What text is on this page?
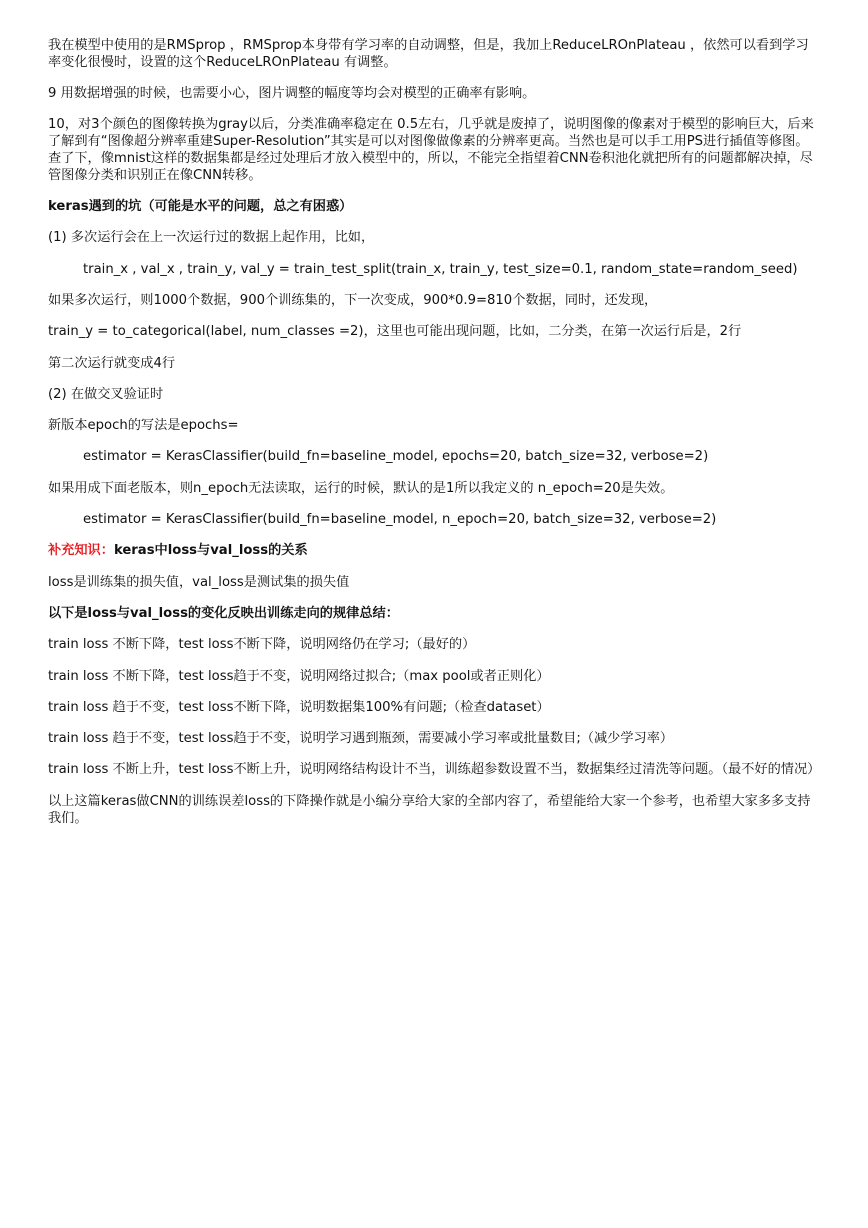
我在模型中使用的是RMSprop ，RMSprop本身带有学习率的自动调整，但是，我加上ReduceLROnPlateau ，依然可以看到学习率变化很慢时，设置的这个ReduceLROnPlateau 有调整。

9 用数据增强的时候，也需要小心，图片调整的幅度等均会对模型的正确率有影响。

10，对3个颜色的图像转换为gray以后，分类准确率稳定在 0.5左右，几乎就是废掉了，说明图像的像素对于模型的影响巨大，后来了解到有“图像超分辨率重建Super-Resolution”其实是可以对图像做像素的分辨率更高。当然也是可以手工用PS进行插值等修图。查了下，像mnist这样的数据集都是经过处理后才放入模型中的，所以，不能完全指望着CNN卷积池化就把所有的问题都解决掉，尽管图像分类和识别正在像CNN转移。

keras遇到的坑（可能是水平的问题，总之有困惑）

(1) 多次运行会在上一次运行过的数据上起作用，比如，

train_x , val_x , train_y, val_y = train_test_split(train_x, train_y, test_size=0.1, random_state=random_seed)

如果多次运行，则1000个数据，900个训练集的，下一次变成，900*0.9=810个数据，同时，还发现，

train_y = to_categorical(label, num_classes =2)，这里也可能出现问题，比如，二分类，在第一次运行后是，2行

第二次运行就变成4行

(2) 在做交叉验证时

新版本epoch的写法是epochs=

estimator = KerasClassifier(build_fn=baseline_model, epochs=20, batch_size=32, verbose=2)

如果用成下面老版本，则n_epoch无法读取，运行的时候，默认的是1所以我定义的 n_epoch=20是失效。

estimator = KerasClassifier(build_fn=baseline_model, n_epoch=20, batch_size=32, verbose=2)

补充知识：keras中loss与val_loss的关系

loss是训练集的损失值，val_loss是测试集的损失值

以下是loss与val_loss的变化反映出训练走向的规律总结：

train loss 不断下降，test loss不断下降，说明网络仍在学习;（最好的）

train loss 不断下降，test loss趋于不变，说明网络过拟合;（max pool或者正则化）

train loss 趋于不变，test loss不断下降，说明数据集100%有问题;（检查dataset）

train loss 趋于不变，test loss趋于不变，说明学习遇到瓶颈，需要减小学习率或批量数目;（减少学习率）

train loss 不断上升，test loss不断上升，说明网络结构设计不当，训练超参数设置不当，数据集经过清洗等问题。（最不好的情况）

以上这篇keras做CNN的训练误差loss的下降操作就是小编分享给大家的全部内容了，希望能给大家一个参考，也希望大家多多支持我们。
